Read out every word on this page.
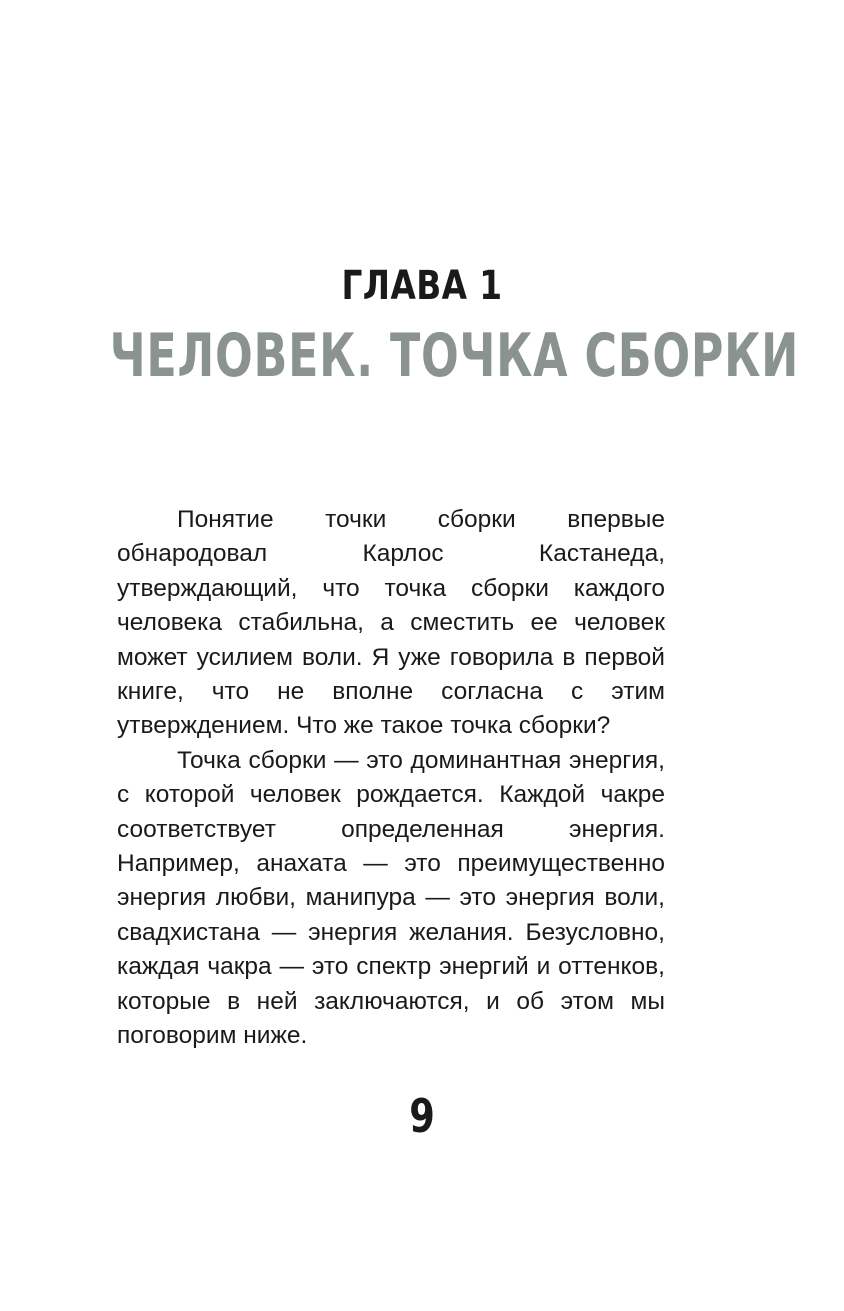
ГЛАВА 1
ЧЕЛОВЕК. ТОЧКА СБОРКИ

Понятие точки сборки впервые обнародовал Карлос Кастанеда, утверждающий, что точка сборки каждого человека стабильна, а сместить ее человек может усилием воли. Я уже говорила в первой книге, что не вполне согласна с этим утверждением. Что же такое точка сборки?

Точка сборки — это доминантная энергия, с которой человек рождается. Каждой чакре соответствует определенная энергия. Например, анахата — это преимущественно энергия любви, манипура — это энергия воли, свадхистана — энергия желания. Безусловно, каждая чакра — это спектр энергий и оттенков, которые в ней заключаются, и об этом мы поговорим ниже.

9
